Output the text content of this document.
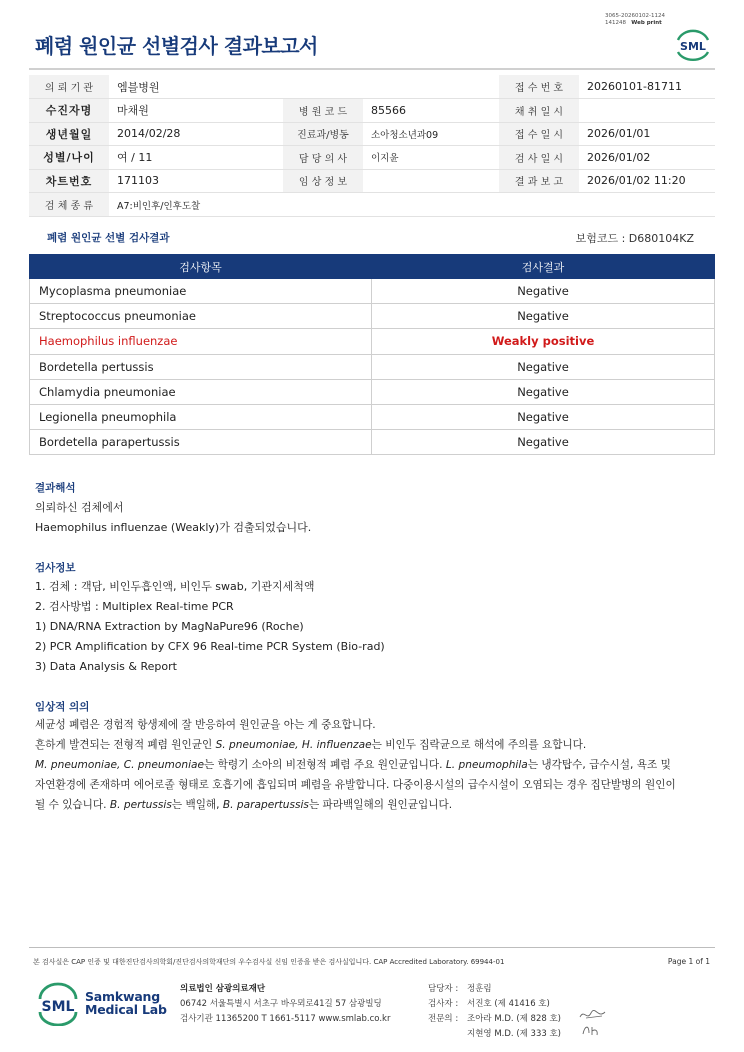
3065-20260102-1124
141248 Web print
폐렴 원인균 선별검사 결과보고서	SML
의 뢰 기 관	엠블병원			접 수 번 호	20260101-81711
수진자명	마채원	병 원 코 드	85566	채 취 일 시	
생년월일	2014/02/28	진료과/병동	소아청소년과09	접 수 일 시	2026/01/01
성별/나이	여 / 11	담 당 의 사	이지윤	검 사 일 시	2026/01/02
차트번호	171103	임 상 정 보		결 과 보 고	2026/01/02 11:20
검 체 종 류	A7:비인후/인후도찰				
폐렴 원인균 선별 검사결과	보험코드 : D680104KZ
검사항목	검사결과
Mycoplasma pneumoniae	Negative
Streptococcus pneumoniae	Negative
Haemophilus influenzae	Weakly positive
Bordetella pertussis	Negative
Chlamydia pneumoniae	Negative
Legionella pneumophila	Negative
Bordetella parapertussis	Negative
결과해석
의뢰하신 검체에서
Haemophilus influenzae (Weakly)가 검출되었습니다.
검사정보
1. 검체 : 객담, 비인두흡인액, 비인두 swab, 기관지세척액
2. 검사방법 : Multiplex Real-time PCR
1) DNA/RNA Extraction by MagNaPure96 (Roche)
2) PCR Amplification by CFX 96 Real-time PCR System (Bio-rad)
3) Data Analysis & Report
임상적 의의
세균성 폐렴은 경험적 항생제에 잘 반응하여 원인균을 아는 게 중요합니다.
흔하게 발견되는 전형적 폐렴 원인균인 S. pneumoniae, H. influenzae는 비인두 집락균으로 해석에 주의를 요합니다.
M. pneumoniae, C. pneumoniae는 학령기 소아의 비전형적 폐렴 주요 원인균입니다. L. pneumophila는 냉각탑수, 급수시설, 욕조 및
자연환경에 존재하며 에어로졸 형태로 호흡기에 흡입되며 폐렴을 유발합니다. 다중이용시설의 급수시설이 오염되는 경우 집단발병의 원인이
될 수 있습니다. B. pertussis는 백일해, B. parapertussis는 파라백일해의 원인균입니다.
본 검사실은 CAP 인증 및 대한진단검사의학회/진단검사의학재단의 우수검사실 신임 인증을 받은 검사실입니다. CAP Accredited Laboratory. 69944-01	Page 1 of 1
SML
Samkwang
Medical Lab
의료법인 삼광의료재단
06742 서울특별시 서초구 바우뫼로41길 57 삼광빌딩
검사기관 11365200 T 1661-5117 www.smlab.co.kr
담당자 :	정훈림
검사자 :	서진호 (제 41416 호)
전문의 :	조아라 M.D. (제 828 호)
지현영 M.D. (제 333 호)
